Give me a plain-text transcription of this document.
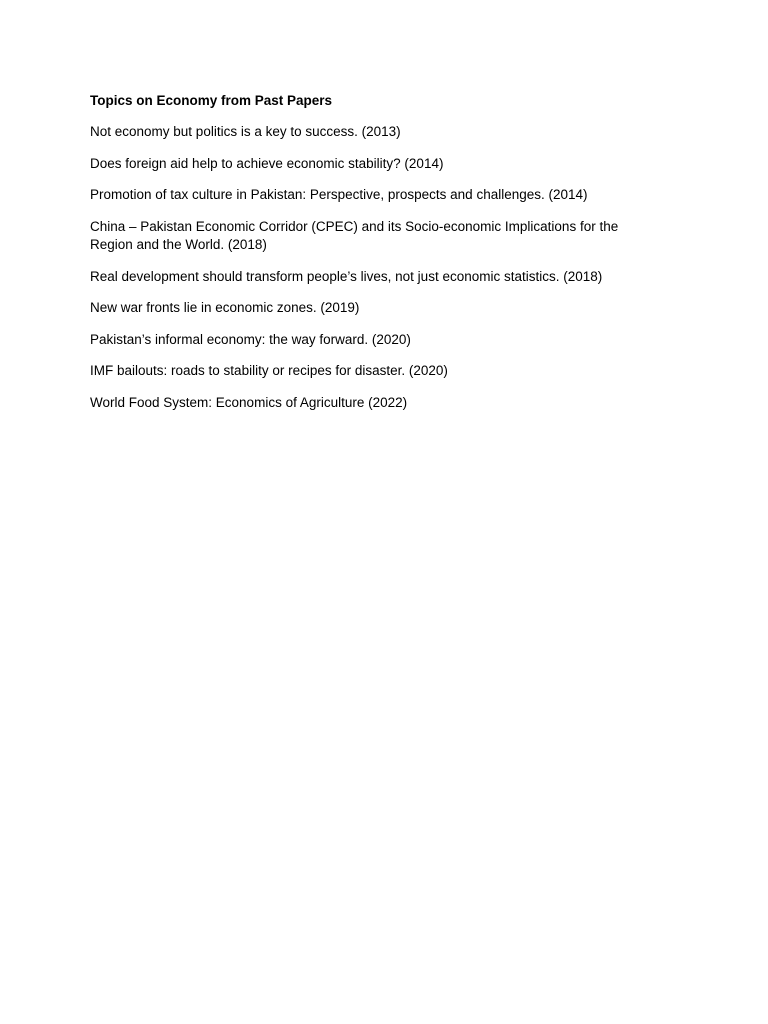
Topics on Economy from Past Papers
Not economy but politics is a key to success. (2013)
Does foreign aid help to achieve economic stability? (2014)
Promotion of tax culture in Pakistan: Perspective, prospects and challenges. (2014)
China – Pakistan Economic Corridor (CPEC) and its Socio-economic Implications for the Region and the World. (2018)
Real development should transform people’s lives, not just economic statistics. (2018)
New war fronts lie in economic zones. (2019)
Pakistan’s informal economy: the way forward. (2020)
IMF bailouts: roads to stability or recipes for disaster. (2020)
World Food System: Economics of Agriculture (2022)
